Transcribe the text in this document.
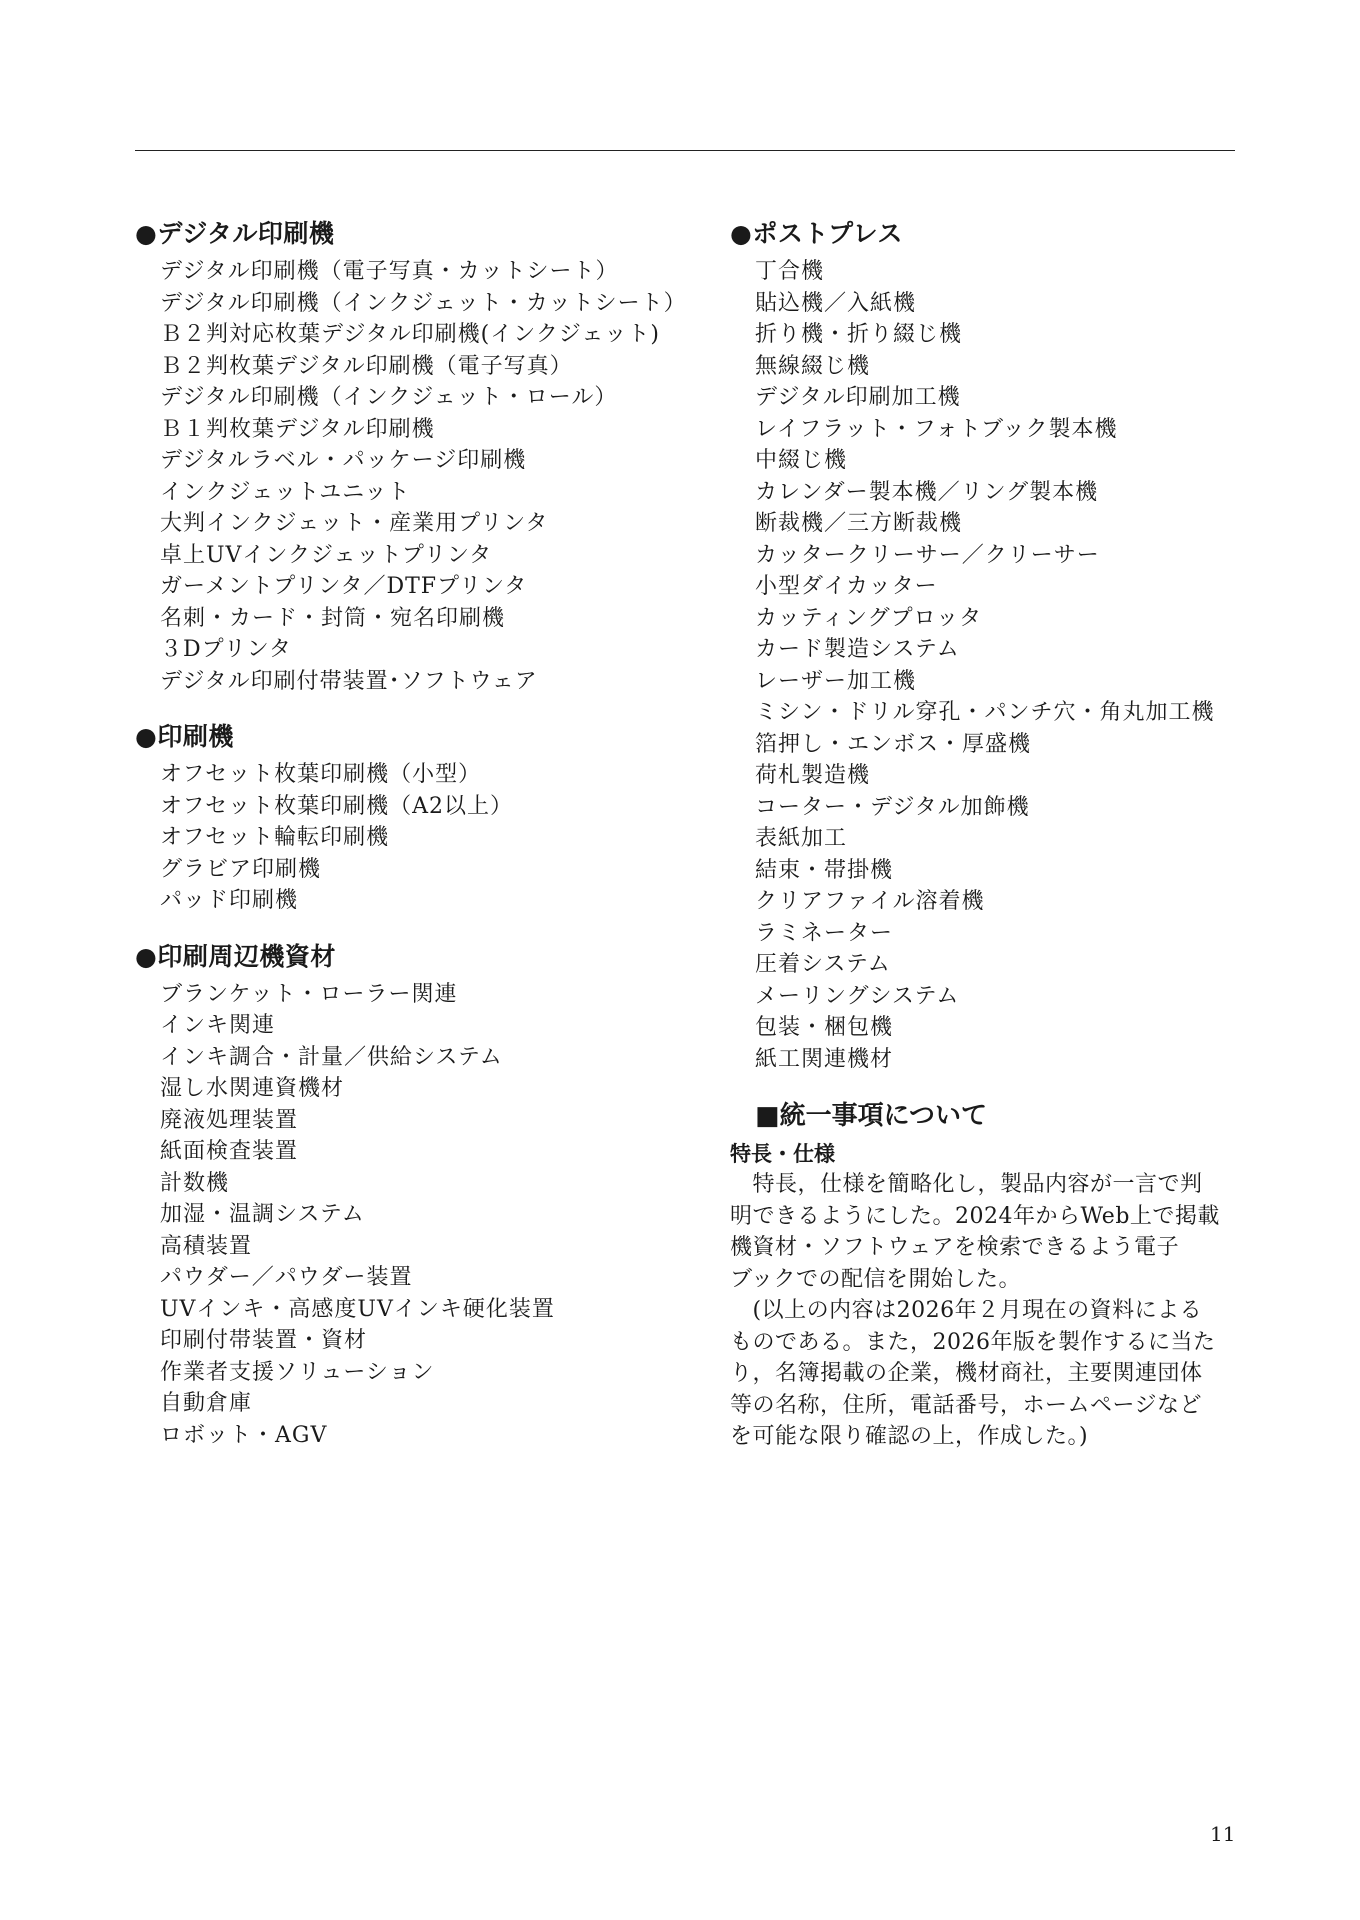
●デジタル印刷機
デジタル印刷機（電子写真・カットシート）
デジタル印刷機（インクジェット・カットシート）
Ｂ２判対応枚葉デジタル印刷機(インクジェット)
Ｂ２判枚葉デジタル印刷機（電子写真）
デジタル印刷機（インクジェット・ロール）
Ｂ１判枚葉デジタル印刷機
デジタルラベル・パッケージ印刷機
インクジェットユニット
大判インクジェット・産業用プリンタ
卓上UVインクジェットプリンタ
ガーメントプリンタ／DTFプリンタ
名刺・カード・封筒・宛名印刷機
３Dプリンタ
デジタル印刷付帯装置･ソフトウェア
●印刷機
オフセット枚葉印刷機（小型）
オフセット枚葉印刷機（A2以上）
オフセット輪転印刷機
グラビア印刷機
パッド印刷機
●印刷周辺機資材
ブランケット・ローラー関連
インキ関連
インキ調合・計量／供給システム
湿し水関連資機材
廃液処理装置
紙面検査装置
計数機
加湿・温調システム
高積装置
パウダー／パウダー装置
UVインキ・高感度UVインキ硬化装置
印刷付帯装置・資材
作業者支援ソリューション
自動倉庫
ロボット・AGV
●ポストプレス
丁合機
貼込機／入紙機
折り機・折り綴じ機
無線綴じ機
デジタル印刷加工機
レイフラット・フォトブック製本機
中綴じ機
カレンダー製本機／リング製本機
断裁機／三方断裁機
カッタークリーサー／クリーサー
小型ダイカッター
カッティングプロッタ
カード製造システム
レーザー加工機
ミシン・ドリル穿孔・パンチ穴・角丸加工機
箔押し・エンボス・厚盛機
荷札製造機
コーター・デジタル加飾機
表紙加工
結束・帯掛機
クリアファイル溶着機
ラミネーター
圧着システム
メーリングシステム
包装・梱包機
紙工関連機材
■統一事項について
特長・仕様
　特長，仕様を簡略化し，製品内容が一言で判
明できるようにした。2024年からWeb上で掲載
機資材・ソフトウェアを検索できるよう電子
ブックでの配信を開始した。
　(以上の内容は2026年２月現在の資料による
ものである。また，2026年版を製作するに当た
り，名簿掲載の企業，機材商社，主要関連団体
等の名称，住所，電話番号，ホームページなど
を可能な限り確認の上，作成した。)
11
